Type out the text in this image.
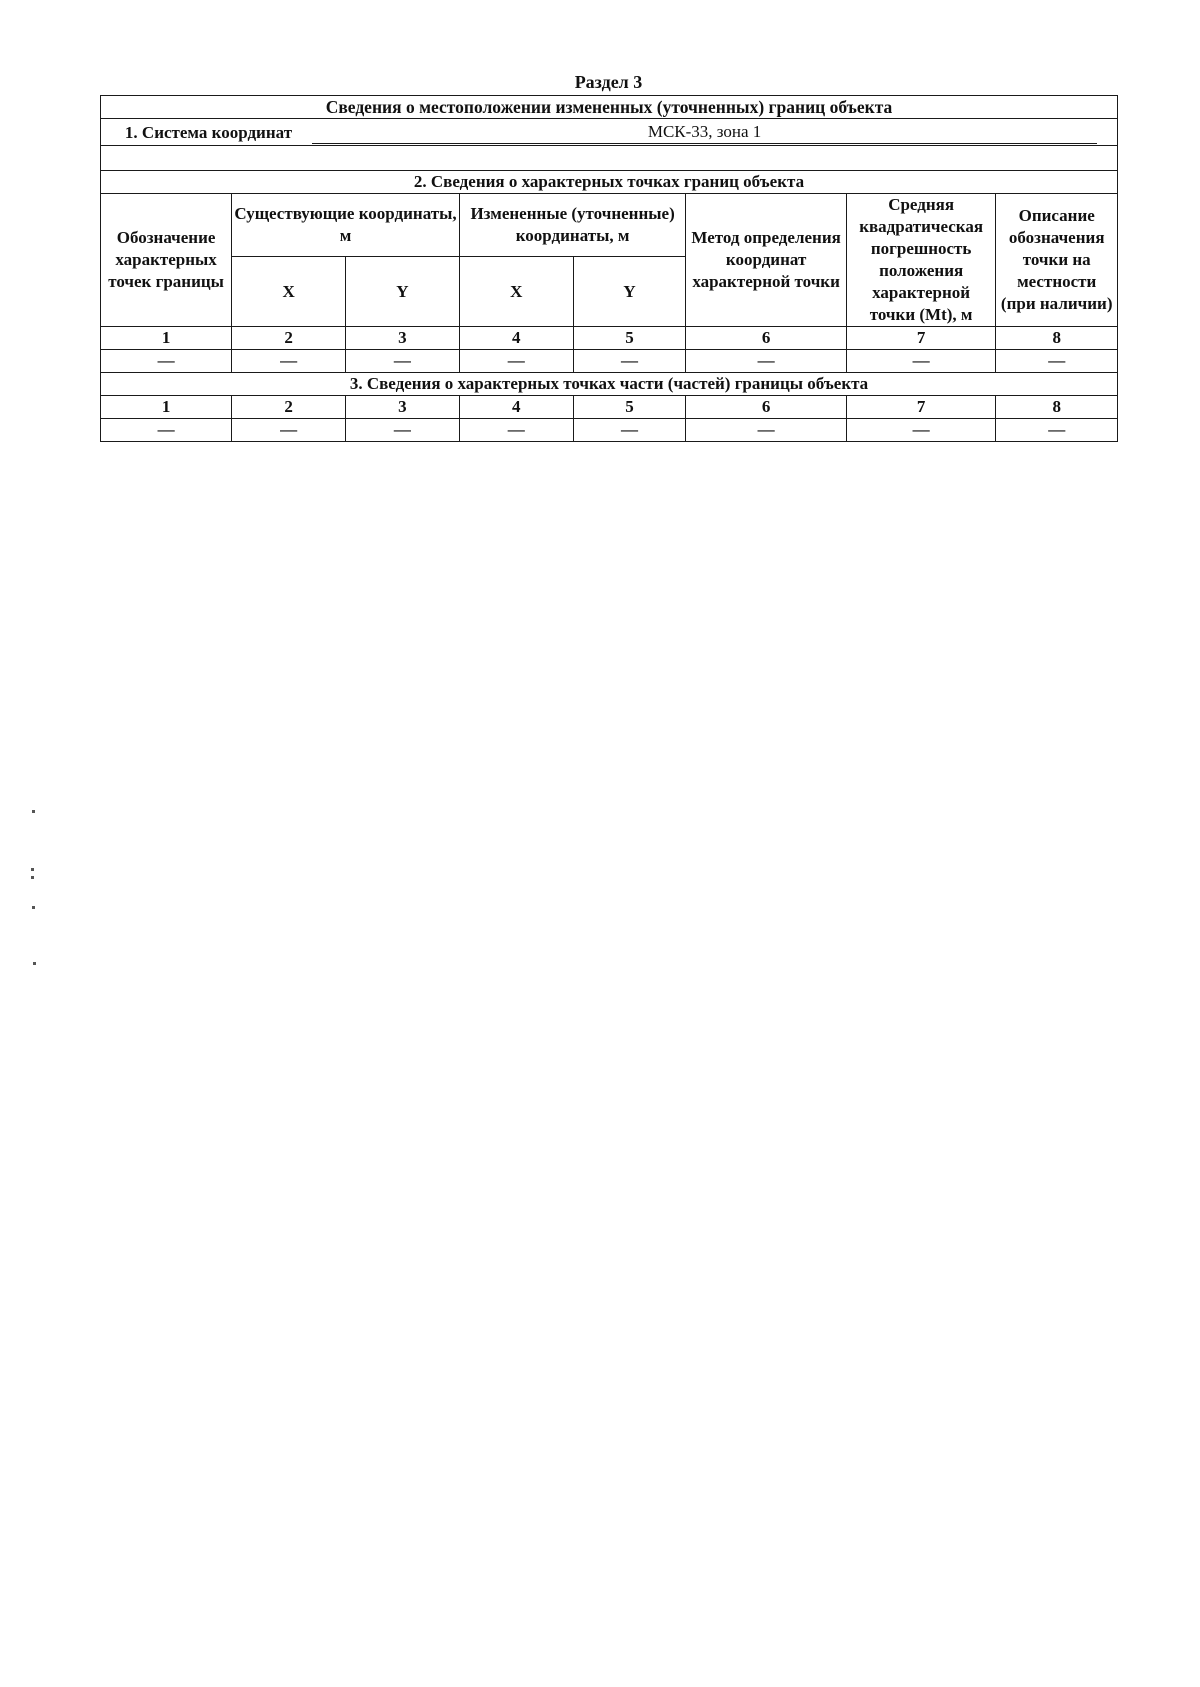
Раздел 3
Сведения о местоположении измененных (уточненных) границ объекта							
1. Система координат МСК-33, зона 1							

2. Сведения о характерных точках границ объекта							
Обозначение характерных точек границы	Существующие координаты, м		Измененные (уточненные) координаты, м		Метод определения координат характерной точки	Средняя квадратическая погрешность положения характерной точки (Mt), м	Описание обозначения точки на местности (при наличии)
	X	Y	X	Y			
1	2	3	4	5	6	7	8
—	—	—	—	—	—	—	—
3. Сведения о характерных точках части (частей) границы объекта							
1	2	3	4	5	6	7	8
—	—	—	—	—	—	—	—
